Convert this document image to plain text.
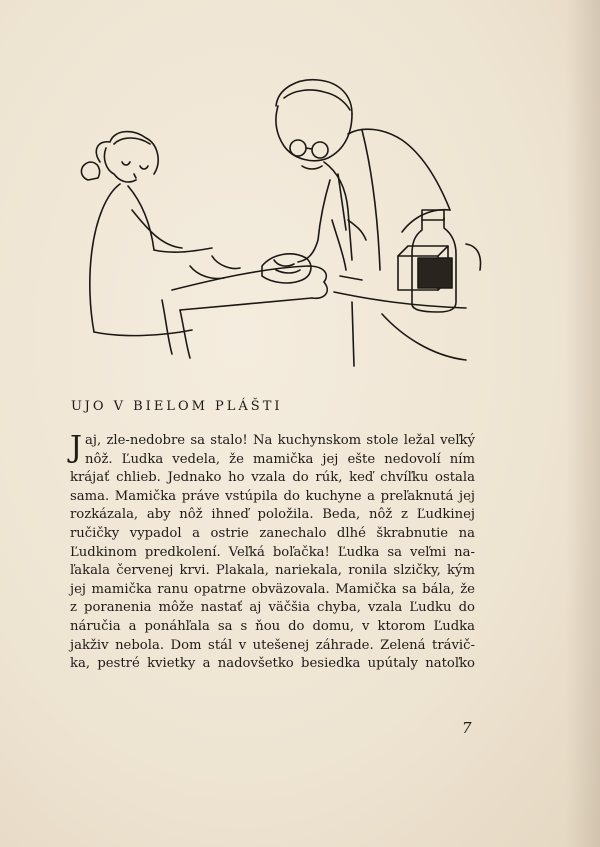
UJO V BIELOM PLÁŠTI
J aj, zle-nedobre sa stalo! Na kuchynskom stole ležal veľký
nôž. Ľudka vedela, že mamička jej ešte nedovolí ním
krájať chlieb. Jednako ho vzala do rúk, keď chvíľku ostala
sama. Mamička práve vstúpila do kuchyne a preľaknutá jej
rozkázala, aby nôž ihneď položila. Beda, nôž z Ľudkinej
ručičky vypadol a ostrie zanechalo dlhé škrabnutie na
Ľudkinom predkolení. Veľká boľačka! Ľudka sa veľmi na-
ľakala červenej krvi. Plakala, nariekala, ronila slzičky, kým
jej mamička ranu opatrne obväzovala. Mamička sa bála, že
z poranenia môže nastať aj väčšia chyba, vzala Ľudku do
náručia a ponáhľala sa s ňou do domu, v ktorom Ľudka
jakživ nebola. Dom stál v utešenej záhrade. Zelená trávič-
ka, pestré kvietky a nadovšetko besiedka upútaly natoľko
7
